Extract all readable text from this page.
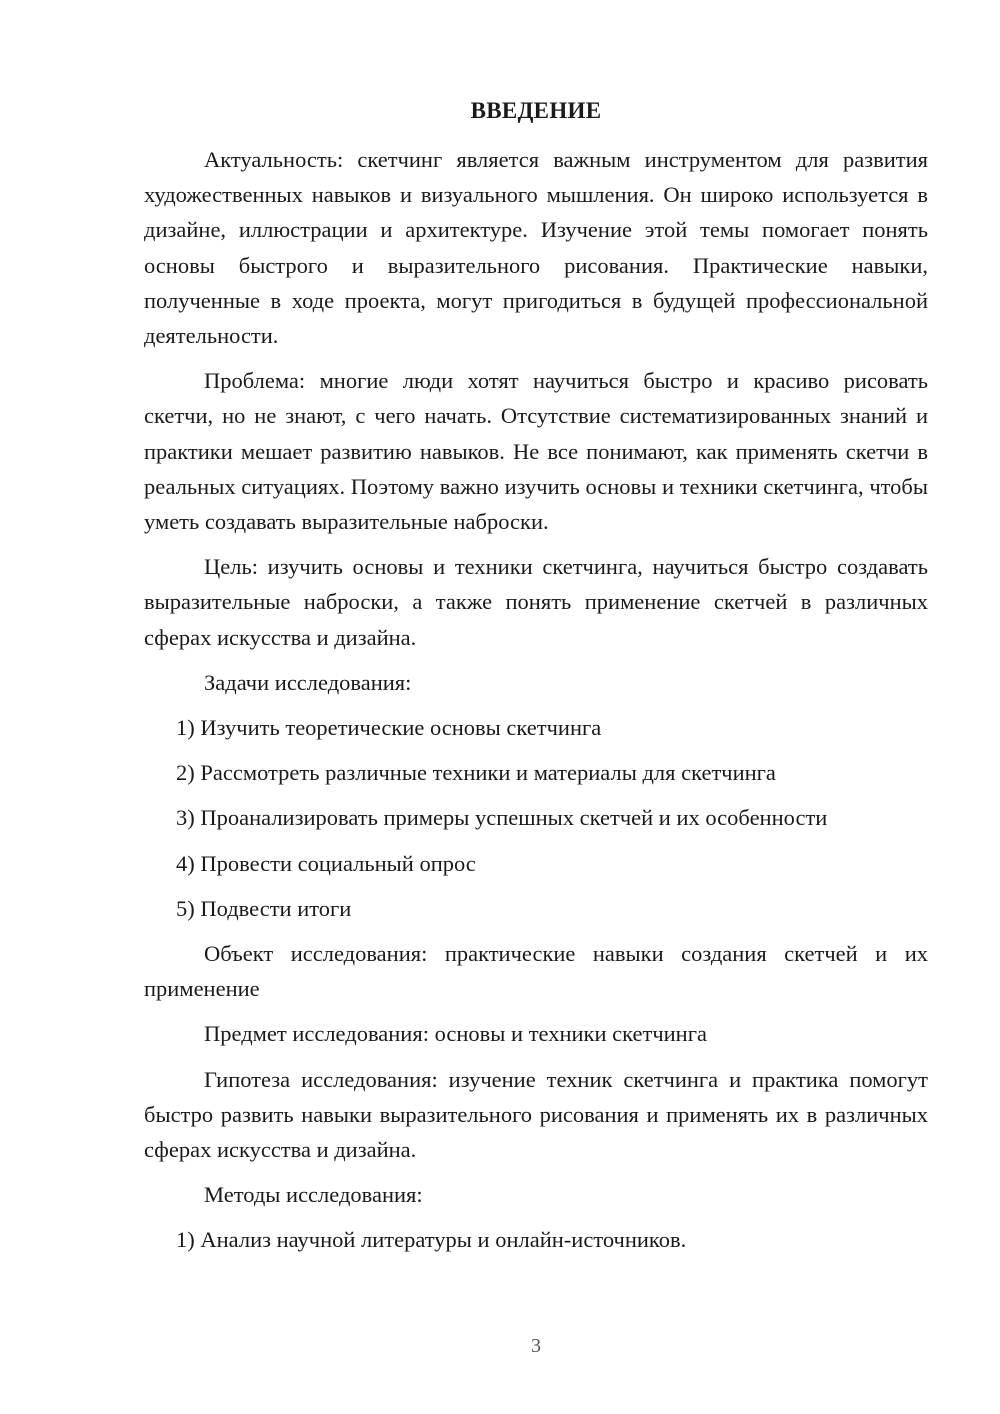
ВВЕДЕНИЕ

Актуальность: скетчинг является важным инструментом для развития художественных навыков и визуального мышления. Он широко используется в дизайне, иллюстрации и архитектуре. Изучение этой темы помогает понять основы быстрого и выразительного рисования. Практические навыки, полученные в ходе проекта, могут пригодиться в будущей профессиональной деятельности.

Проблема: многие люди хотят научиться быстро и красиво рисовать скетчи, но не знают, с чего начать. Отсутствие систематизированных знаний и практики мешает развитию навыков. Не все понимают, как применять скетчи в реальных ситуациях. Поэтому важно изучить основы и техники скетчинга, чтобы уметь создавать выразительные наброски.

Цель: изучить основы и техники скетчинга, научиться быстро создавать выразительные наброски, а также понять применение скетчей в различных сферах искусства и дизайна.

Задачи исследования:

1) Изучить теоретические основы скетчинга

2) Рассмотреть различные техники и материалы для скетчинга

3) Проанализировать примеры успешных скетчей и их особенности

4) Провести социальный опрос

5) Подвести итоги

Объект исследования: практические навыки создания скетчей и их применение

Предмет исследования: основы и техники скетчинга

Гипотеза исследования: изучение техник скетчинга и практика помогут быстро развить навыки выразительного рисования и применять их в различных сферах искусства и дизайна.

Методы исследования:

1) Анализ научной литературы и онлайн-источников.

3
